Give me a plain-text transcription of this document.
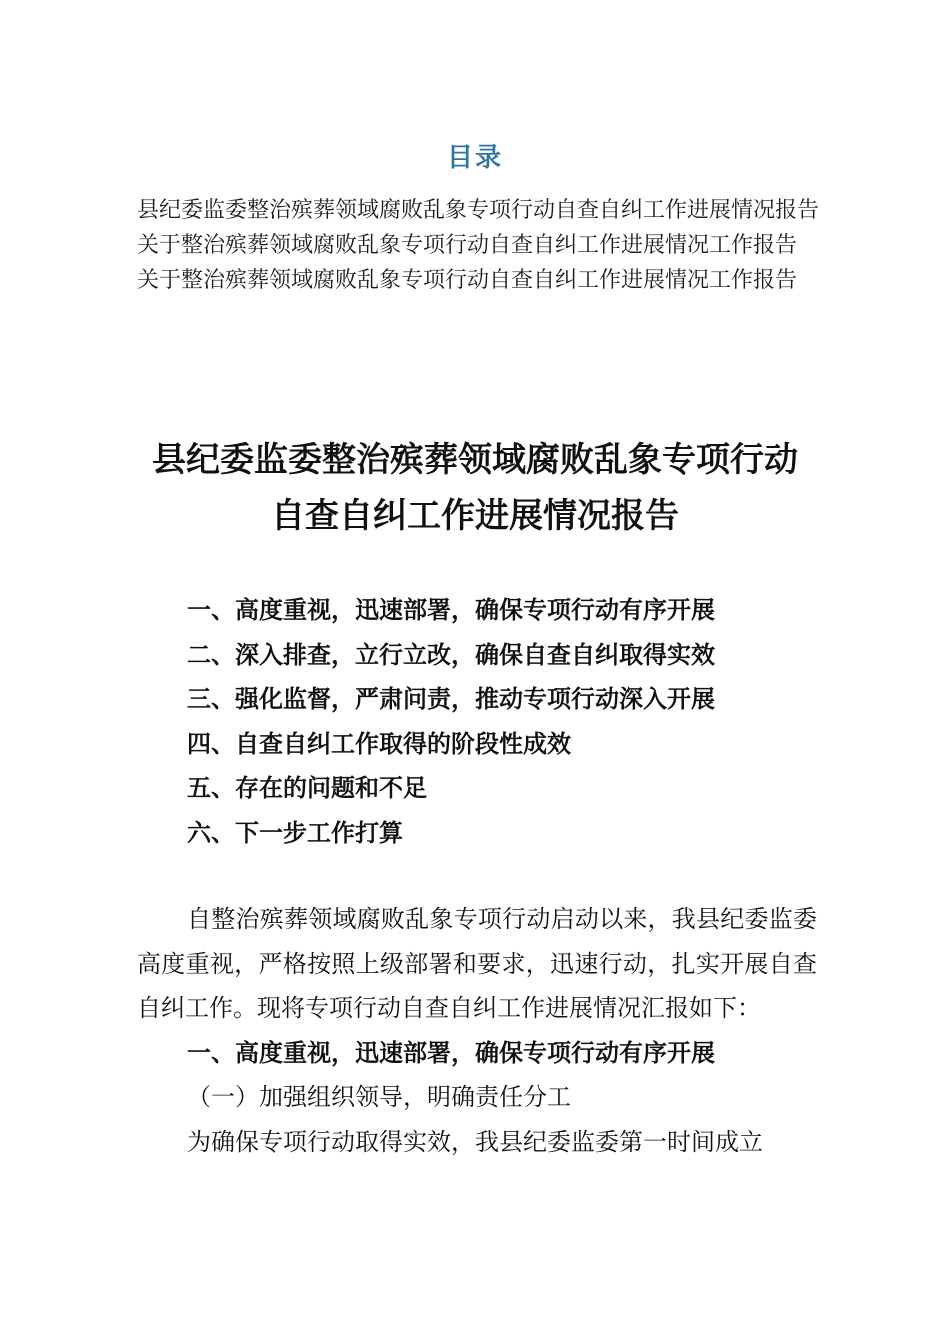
目录
县纪委监委整治殡葬领域腐败乱象专项行动自查自纠工作进展情况报告
关于整治殡葬领域腐败乱象专项行动自查自纠工作进展情况工作报告
关于整治殡葬领域腐败乱象专项行动自查自纠工作进展情况工作报告
县纪委监委整治殡葬领域腐败乱象专项行动
自查自纠工作进展情况报告
一、高度重视，迅速部署，确保专项行动有序开展
二、深入排查，立行立改，确保自查自纠取得实效
三、强化监督，严肃问责，推动专项行动深入开展
四、自查自纠工作取得的阶段性成效
五、存在的问题和不足
六、下一步工作打算

自整治殡葬领域腐败乱象专项行动启动以来，我县纪委监委高度重视，严格按照上级部署和要求，迅速行动，扎实开展自查自纠工作。现将专项行动自查自纠工作进展情况汇报如下：

一、高度重视，迅速部署，确保专项行动有序开展

（一）加强组织领导，明确责任分工

为确保专项行动取得实效，我县纪委监委第一时间成立
